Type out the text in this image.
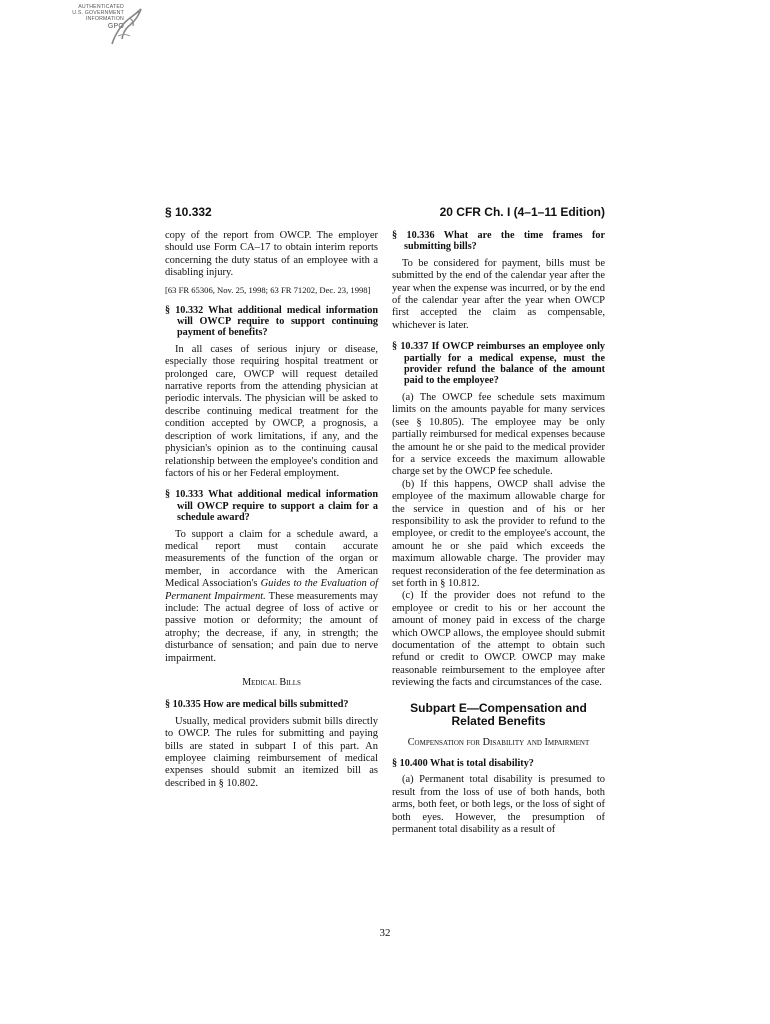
AUTHENTICATED
U.S. GOVERNMENT
INFORMATION
GPO
§ 10.332	20 CFR Ch. I (4–1–11 Edition)

copy of the report from OWCP. The employer should use Form CA–17 to obtain interim reports concerning the duty status of an employee with a disabling injury.

[63 FR 65306, Nov. 25, 1998; 63 FR 71202, Dec. 23, 1998]

§ 10.332 What additional medical information will OWCP require to support continuing payment of benefits?

In all cases of serious injury or disease, especially those requiring hospital treatment or prolonged care, OWCP will request detailed narrative reports from the attending physician at periodic intervals. The physician will be asked to describe continuing medical treatment for the condition accepted by OWCP, a prognosis, a description of work limitations, if any, and the physician's opinion as to the continuing causal relationship between the employee's condition and factors of his or her Federal employment.

§ 10.333 What additional medical information will OWCP require to support a claim for a schedule award?

To support a claim for a schedule award, a medical report must contain accurate measurements of the function of the organ or member, in accordance with the American Medical Association's Guides to the Evaluation of Permanent Impairment. These measurements may include: The actual degree of loss of active or passive motion or deformity; the amount of atrophy; the decrease, if any, in strength; the disturbance of sensation; and pain due to nerve impairment.

Medical Bills
§ 10.335 How are medical bills submitted?

Usually, medical providers submit bills directly to OWCP. The rules for submitting and paying bills are stated in subpart I of this part. An employee claiming reimbursement of medical expenses should submit an itemized bill as described in § 10.802.

§ 10.336 What are the time frames for submitting bills?

To be considered for payment, bills must be submitted by the end of the calendar year after the year when the expense was incurred, or by the end of the calendar year after the year when OWCP first accepted the claim as compensable, whichever is later.

§ 10.337 If OWCP reimburses an employee only partially for a medical expense, must the provider refund the balance of the amount paid to the employee?

(a) The OWCP fee schedule sets maximum limits on the amounts payable for many services (see § 10.805). The employee may be only partially reimbursed for medical expenses because the amount he or she paid to the medical provider for a service exceeds the maximum allowable charge set by the OWCP fee schedule.

(b) If this happens, OWCP shall advise the employee of the maximum allowable charge for the service in question and of his or her responsibility to ask the provider to refund to the employee, or credit to the employee's account, the amount he or she paid which exceeds the maximum allowable charge. The provider may request reconsideration of the fee determination as set forth in § 10.812.

(c) If the provider does not refund to the employee or credit to his or her account the amount of money paid in excess of the charge which OWCP allows, the employee should submit documentation of the attempt to obtain such refund or credit to OWCP. OWCP may make reasonable reimbursement to the employee after reviewing the facts and circumstances of the case.

Subpart E—Compensation and Related Benefits
Compensation for Disability and Impairment
§ 10.400 What is total disability?

(a) Permanent total disability is presumed to result from the loss of use of both hands, both arms, both feet, or both legs, or the loss of sight of both eyes. However, the presumption of permanent total disability as a result of

32
